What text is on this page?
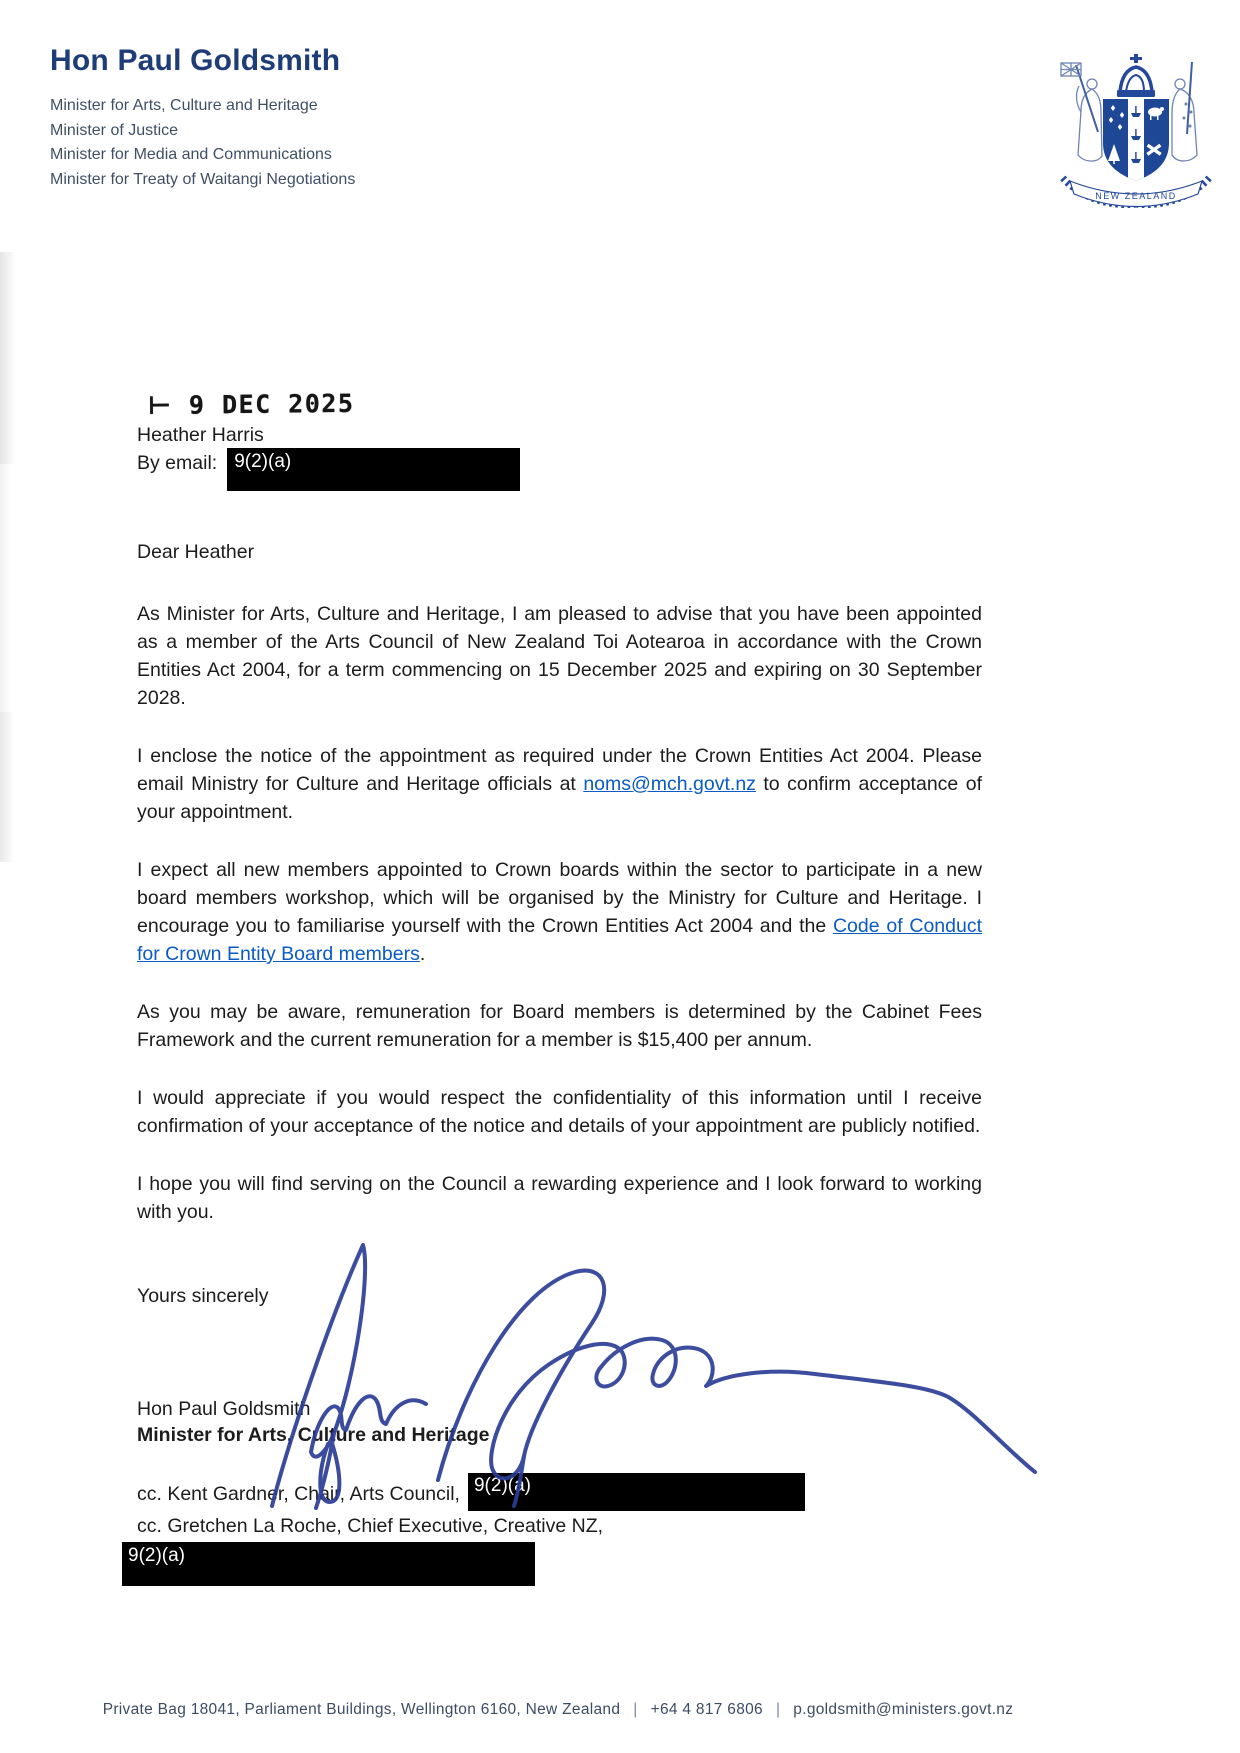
Hon Paul Goldsmith
Minister for Arts, Culture and Heritage
Minister of Justice
Minister for Media and Communications
Minister for Treaty of Waitangi Negotiations
NEW ZEALAND
⊢ 9 DEC 2025
Heather Harris
By email: 9(2)(a)
Dear Heather

As Minister for Arts, Culture and Heritage, I am pleased to advise that you have been appointed as a member of the Arts Council of New Zealand Toi Aotearoa in accordance with the Crown Entities Act 2004, for a term commencing on 15 December 2025 and expiring on 30 September 2028.

I enclose the notice of the appointment as required under the Crown Entities Act 2004. Please email Ministry for Culture and Heritage officials at noms@mch.govt.nz to confirm acceptance of your appointment.

I expect all new members appointed to Crown boards within the sector to participate in a new board members workshop, which will be organised by the Ministry for Culture and Heritage. I encourage you to familiarise yourself with the Crown Entities Act 2004 and the Code of Conduct for Crown Entity Board members.

As you may be aware, remuneration for Board members is determined by the Cabinet Fees Framework and the current remuneration for a member is $15,400 per annum.

I would appreciate if you would respect the confidentiality of this information until I receive confirmation of your acceptance of the notice and details of your appointment are publicly notified.

I hope you will find serving on the Council a rewarding experience and I look forward to working with you.

Yours sincerely
Hon Paul Goldsmith
Minister for Arts, Culture and Heritage
cc. Kent Gardner, Chair, Arts Council, 9(2)(a)
cc. Gretchen La Roche, Chief Executive, Creative NZ,
9(2)(a)
Private Bag 18041, Parliament Buildings, Wellington 6160, New Zealand | +64 4 817 6806 | p.goldsmith@ministers.govt.nz
